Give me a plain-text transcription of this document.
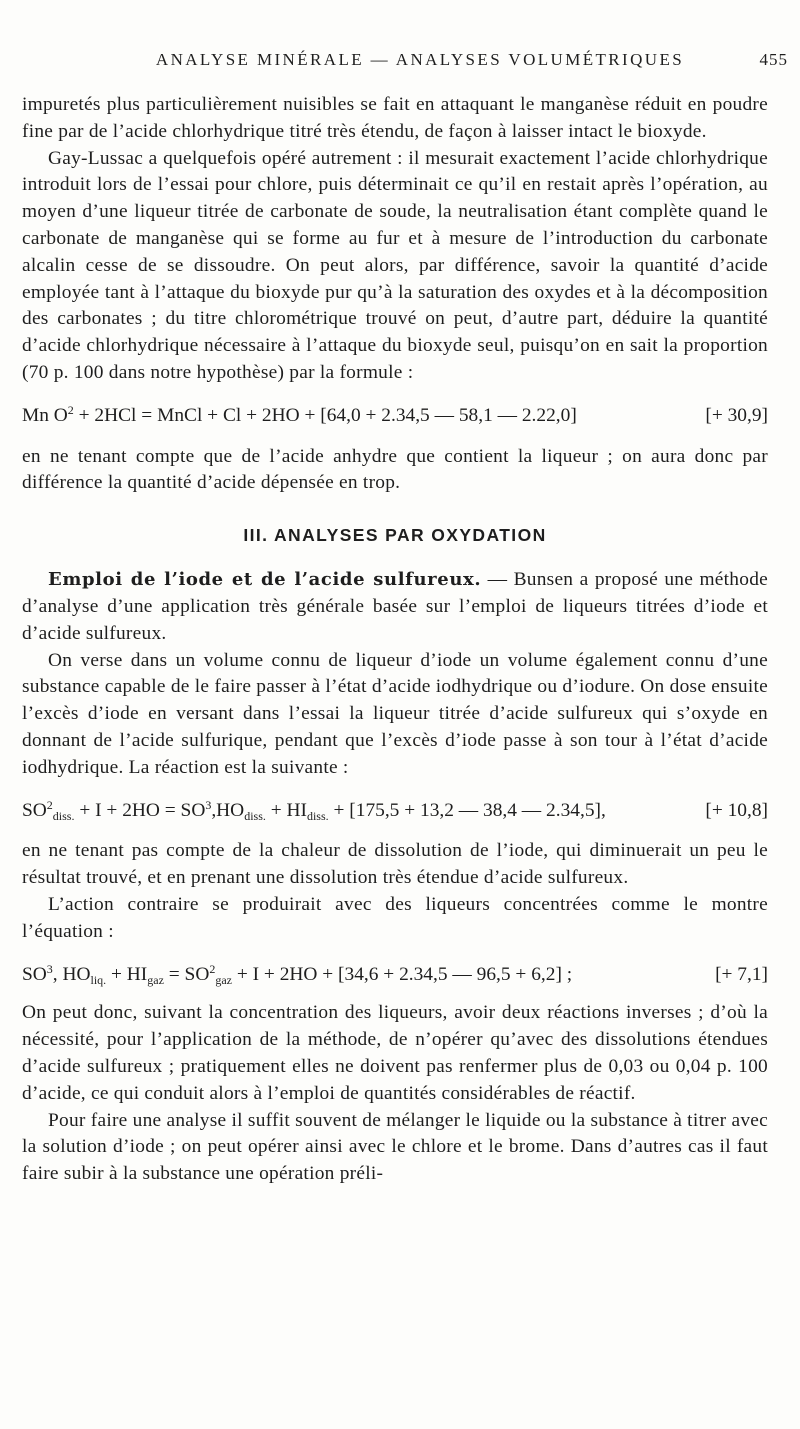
ANALYSE MINÉRALE — ANALYSES VOLUMÉTRIQUES	455

impuretés plus particulièrement nuisibles se fait en attaquant le manganèse réduit en poudre fine par de l’acide chlorhydrique titré très étendu, de façon à laisser intact le bioxyde.

Gay-Lussac a quelquefois opéré autrement : il mesurait exactement l’acide chlorhydrique introduit lors de l’essai pour chlore, puis déterminait ce qu’il en restait après l’opération, au moyen d’une liqueur titrée de carbonate de soude, la neutralisation étant complète quand le carbonate de manganèse qui se forme au fur et à mesure de l’introduction du carbonate alcalin cesse de se dissoudre. On peut alors, par différence, savoir la quantité d’acide employée tant à l’attaque du bioxyde pur qu’à la saturation des oxydes et à la décomposition des carbonates ; du titre chlorométrique trouvé on peut, d’autre part, déduire la quantité d’acide chlorhydrique nécessaire à l’attaque du bioxyde seul, puisqu’on en sait la proportion (70 p. 100 dans notre hypothèse) par la formule :

Mn $O^2 + 2HCl$ = MnCl + Cl + 2HO + [64,0 + 2.34,5 — 58,1 — 2.22,0]	[+ 30,9]

en ne tenant compte que de l’acide anhydre que contient la liqueur ; on aura donc par différence la quantité d’acide dépensée en trop.

III. ANALYSES PAR OXYDATION

Emploi de l’iode et de l’acide sulfureux. — Bunsen a proposé une méthode d’analyse d’une application très générale basée sur l’emploi de liqueurs titrées d’iode et d’acide sulfureux.

On verse dans un volume connu de liqueur d’iode un volume également connu d’une substance capable de le faire passer à l’état d’acide iodhydrique ou d’iodure. On dose ensuite l’excès d’iode en versant dans l’essai la liqueur titrée d’acide sulfureux qui s’oxyde en donnant de l’acide sulfurique, pendant que l’excès d’iode passe à son tour à l’état d’acide iodhydrique. La réaction est la suivante :

$SO^2_{diss.} + I + 2HO = SO^3,HO_{diss.} + HI_{diss.} + [175,5 + 13,2$ — 38,4 — 2.34,5],	[+ 10,8]

en ne tenant pas compte de la chaleur de dissolution de l’iode, qui diminuerait un peu le résultat trouvé, et en prenant une dissolution très étendue d’acide sulfureux.

L’action contraire se produirait avec des liqueurs concentrées comme le montre l’équation :

$SO^3$, $HO_{liq.} + HI_{gaz} = SO^2_{gaz} + I + 2HO + [34,6 + 2.34,5$ — 96,5 + 6,2] ;	[+ 7,1]

On peut donc, suivant la concentration des liqueurs, avoir deux réactions inverses ; d’où la nécessité, pour l’application de la méthode, de n’opérer qu’avec des dissolutions étendues d’acide sulfureux ; pratiquement elles ne doivent pas renfermer plus de 0,03 ou 0,04 p. 100 d’acide, ce qui conduit alors à l’emploi de quantités considérables de réactif.

Pour faire une analyse il suffit souvent de mélanger le liquide ou la substance à titrer avec la solution d’iode ; on peut opérer ainsi avec le chlore et le brome. Dans d’autres cas il faut faire subir à la substance une opération préli-
